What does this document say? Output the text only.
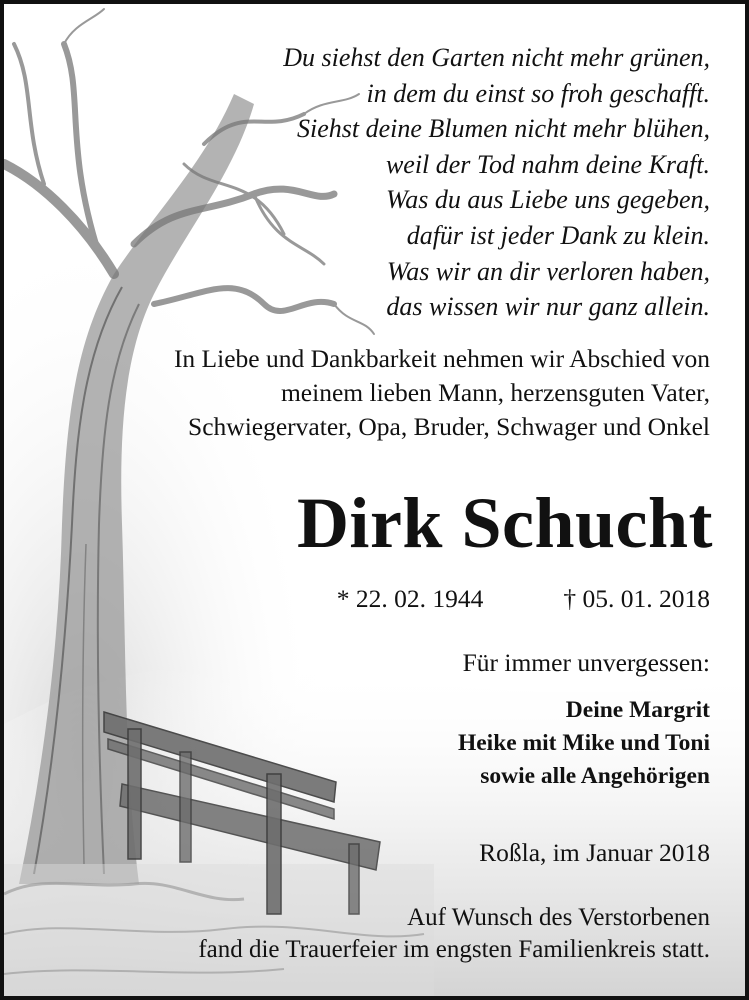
Du siehst den Garten nicht mehr grünen,
in dem du einst so froh geschafft.
Siehst deine Blumen nicht mehr blühen,
weil der Tod nahm deine Kraft.
Was du aus Liebe uns gegeben,
dafür ist jeder Dank zu klein.
Was wir an dir verloren haben,
das wissen wir nur ganz allein.
In Liebe und Dankbarkeit nehmen wir Abschied von
meinem lieben Mann, herzensguten Vater,
Schwiegervater, Opa, Bruder, Schwager und Onkel
Dirk Schucht
* 22. 02. 1944	† 05. 01. 2018
Für immer unvergessen:
Deine Margrit
Heike mit Mike und Toni
sowie alle Angehörigen
Roßla, im Januar 2018
Auf Wunsch des Verstorbenen
fand die Trauerfeier im engsten Familienkreis statt.
